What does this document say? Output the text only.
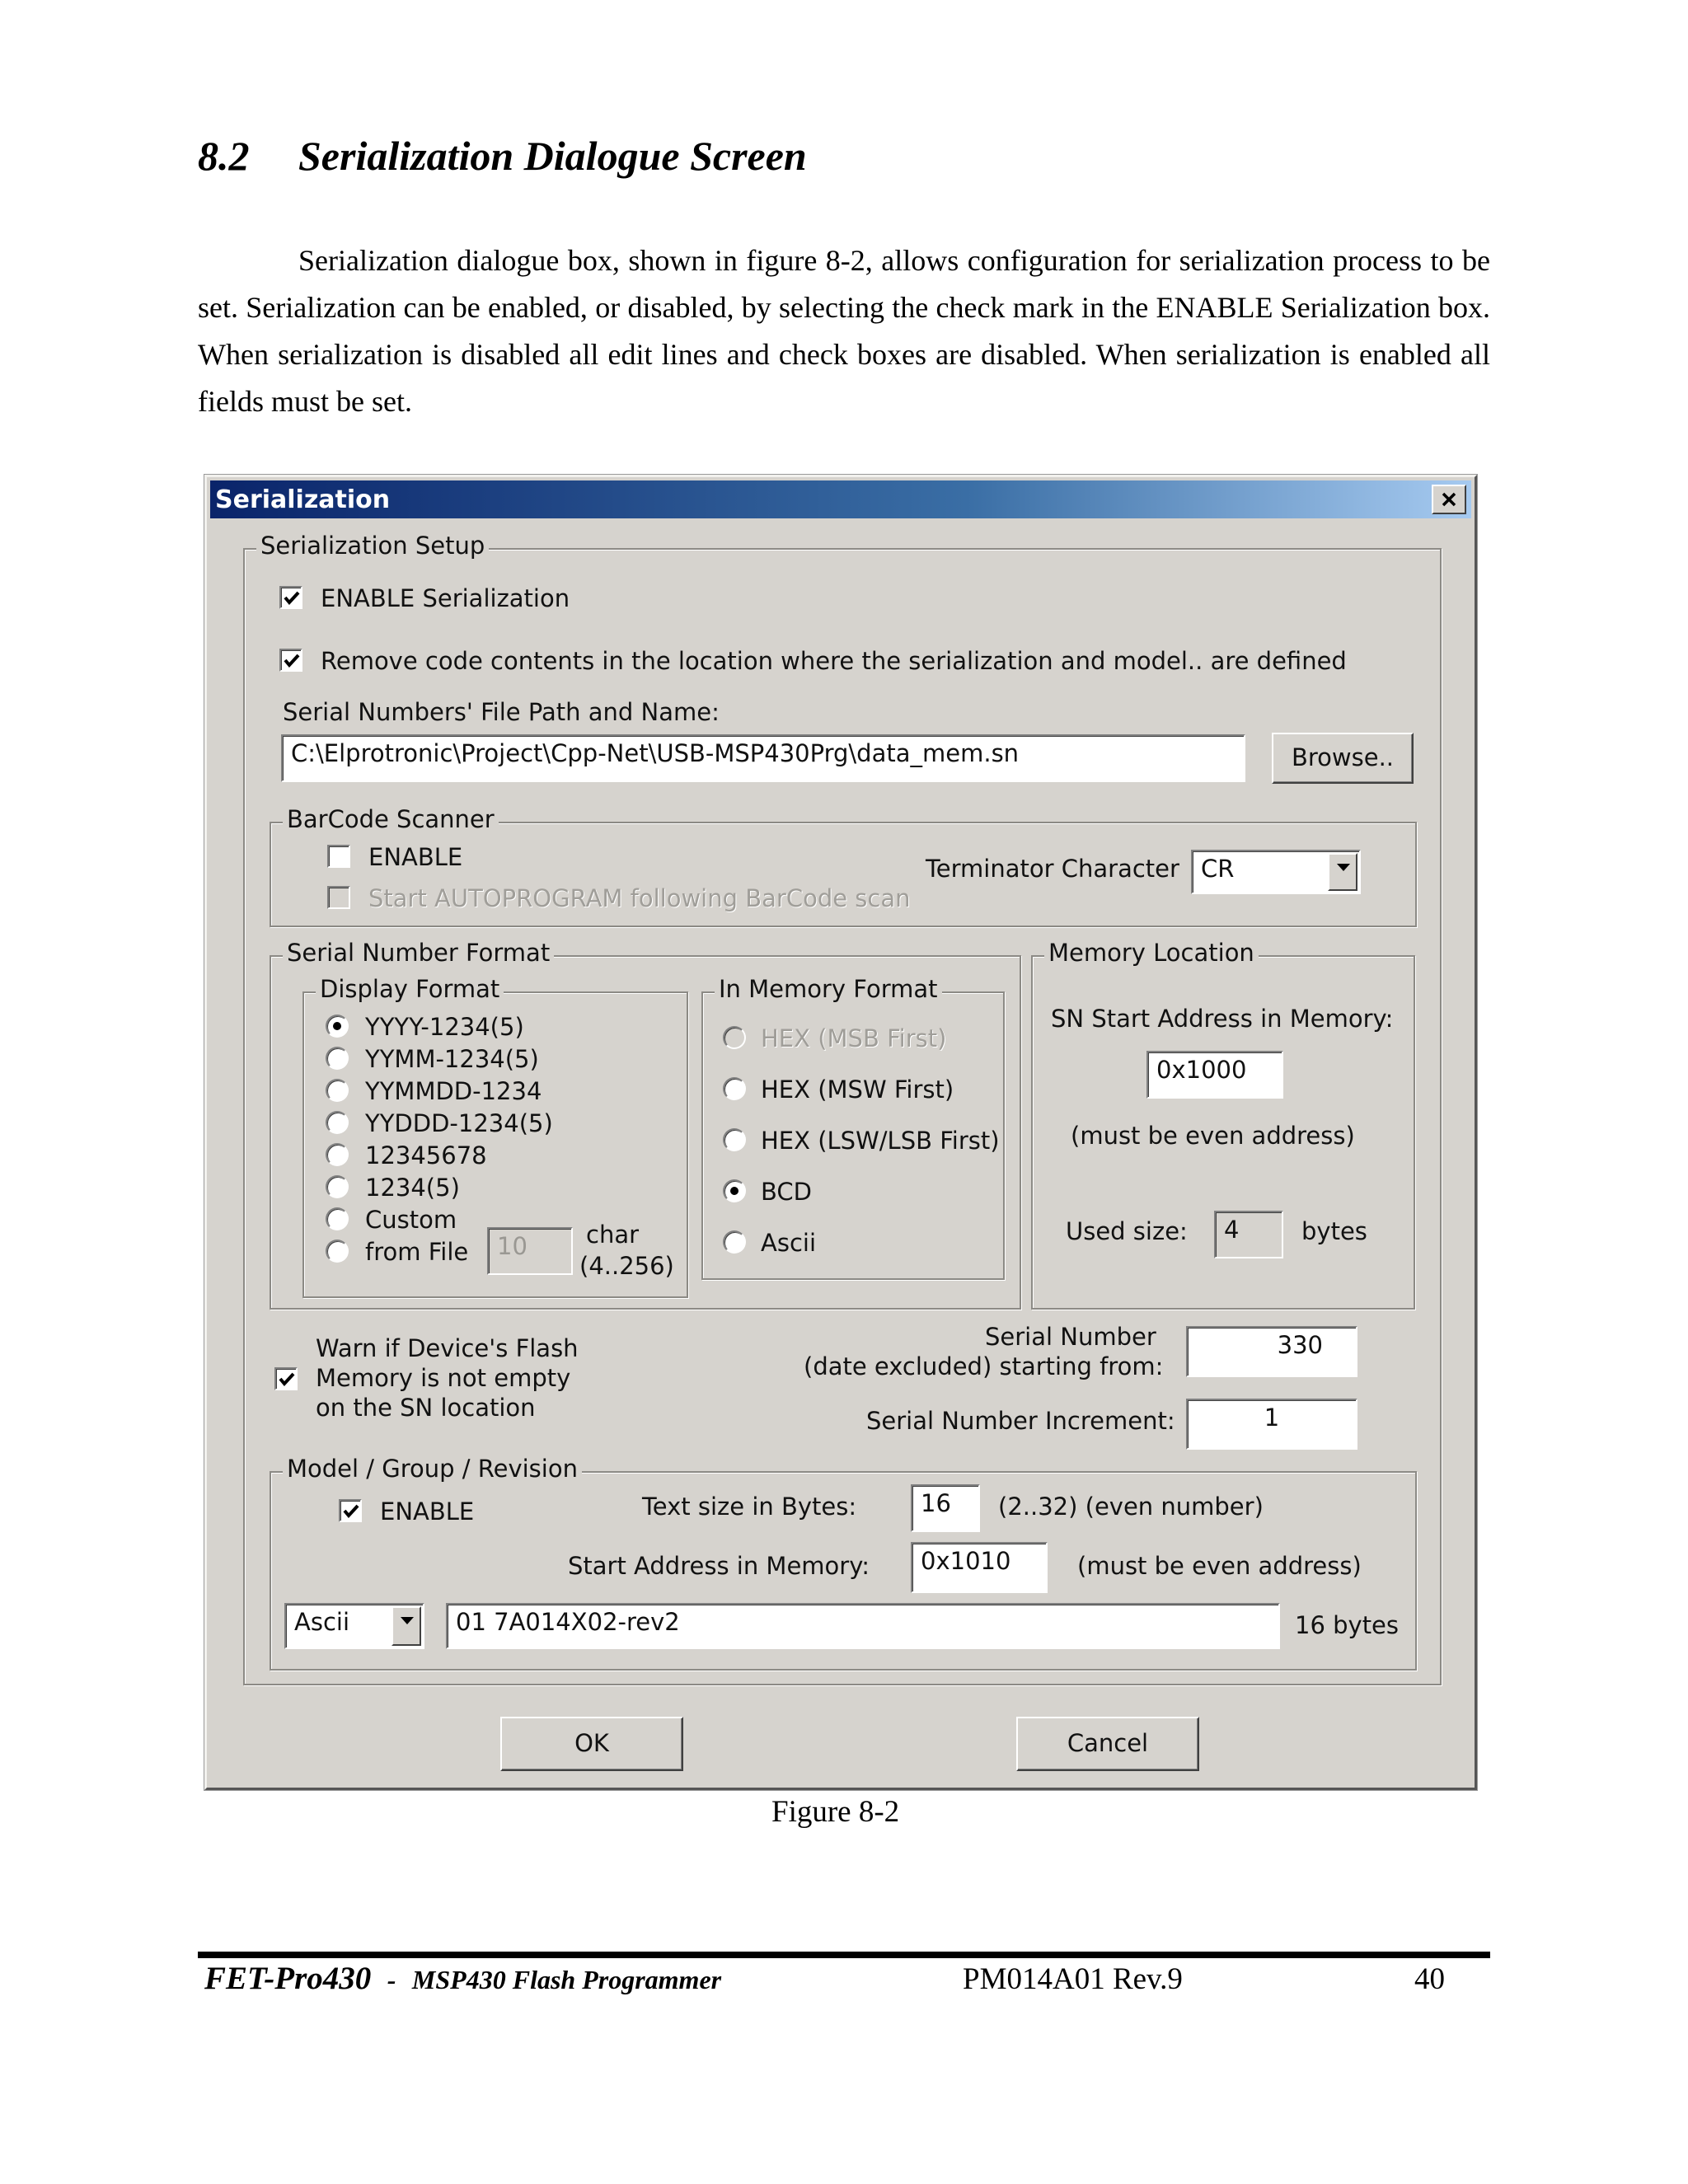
8.2 Serialization Dialogue Screen
Serialization dialogue box, shown in figure 8-2, allows configuration for serialization process to be set. Serialization can be enabled, or disabled, by selecting the check mark in the ENABLE Serialization box. When serialization is disabled all edit lines and check boxes are disabled. When serialization is enabled all fields must be set.
Serialization
Serialization Setup
ENABLE Serialization
Remove code contents in the location where the serialization and model.. are defined
Serial Numbers' File Path and Name:
C:\Elprotronic\Project\Cpp-Net\USB-MSP430Prg\data_mem.sn	Browse..
BarCode Scanner
ENABLE
Start AUTOPROGRAM following BarCode scan
Terminator Character CR
Serial Number Format
Display Format
YYYY-1234(5)
YYMM-1234(5)
YYMMDD-1234
YYDDD-1234(5)
12345678
1234(5)
Custom
from File	10	char
(4..256)
In Memory Format
HEX (MSB First)
HEX (MSW First)
HEX (LSW/LSB First)
BCD
Ascii
Memory Location
SN Start Address in Memory:
0x1000
(must be even address)
Used size:	4	bytes
Warn if Device's Flash
Memory is not empty
on the SN location
Serial Number
(date excluded) starting from:
330
Serial Number Increment:	1
Model / Group / Revision
ENABLE	Text size in Bytes:	16	(2..32) (even number)
Start Address in Memory:	0x1010	(must be even address)
Ascii	01 7A014X02-rev2	16 bytes
OK	Cancel
Figure 8-2
FET-Pro430 - MSP430 Flash Programmer	PM014A01 Rev.9	40
